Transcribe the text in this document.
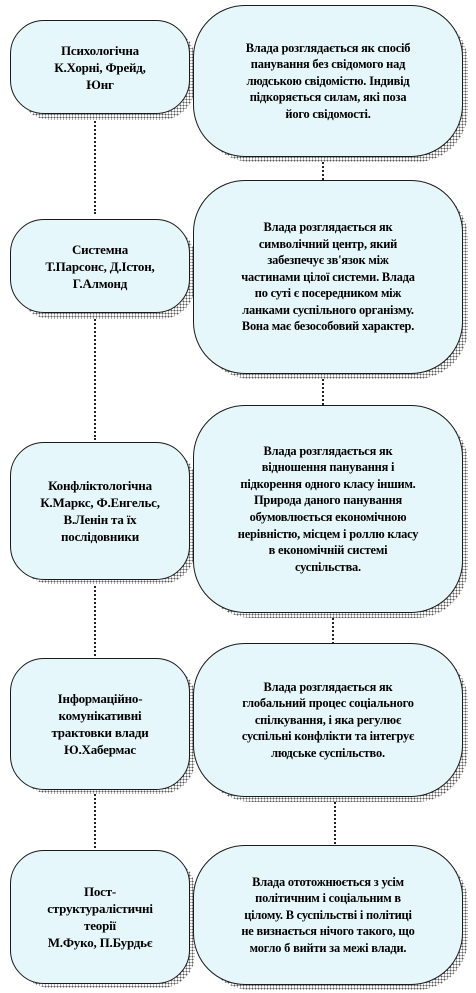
Психологічна
К.Хорні, Фрейд,
Юнг
Влада розглядається як спосіб
панування без свідомого над
людською свідомістю. Індивід
підкоряється силам, які поза
його свідомості.
Системна
Т.Парсонс, Д.Істон,
Г.Алмонд
Влада розглядається як
символічний центр, який
забезпечує зв'язок між
частинами цілої системи. Влада
по суті є посередником між
ланками суспільного організму.
Вона має безособовий характер.
Конфліктологічна
К.Маркс, Ф.Енгельс,
В.Ленін та їх
послідовники
Влада розглядається як
відношення панування і
підкорення одного класу іншим.
Природа даного панування
обумовлюється економічною
нерівністю, місцем і роллю класу
в економічній системі
суспільства.
Інформаційно-
комунікативні
трактовки влади
Ю.Хабермас
Влада розглядається як
глобальний процес соціального
спілкування, і яка регулює
суспільні конфлікти та інтегрує
людське суспільство.
Пост-
структуралістичні
теорії
М.Фуко, П.Бурдьє
Влада ототожнюється з усім
політичним і соціальним в
цілому. В суспільстві і політиці
не визнається нічого такого, що
могло б вийти за межі влади.
